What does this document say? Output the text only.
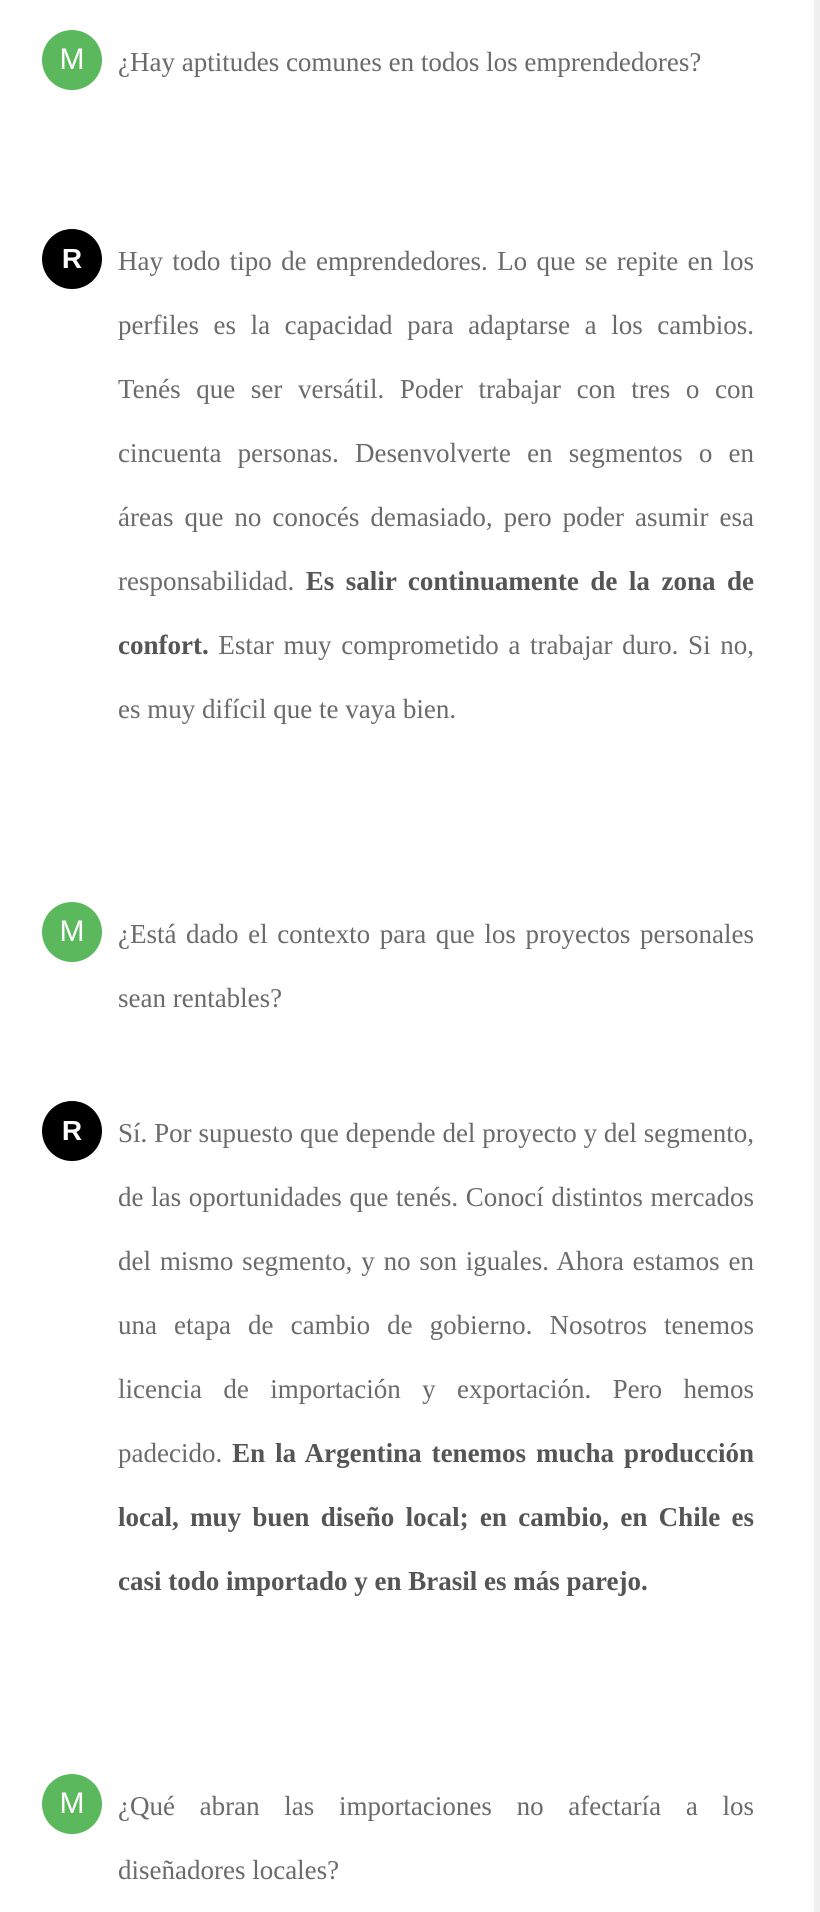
M ¿Hay aptitudes comunes en todos los emprendedores?

R Hay todo tipo de emprendedores. Lo que se repite en los perfiles es la capacidad para adaptarse a los cambios. Tenés que ser versátil. Poder trabajar con tres o con cincuenta personas. Desenvolverte en segmentos o en áreas que no conocés demasiado, pero poder asumir esa responsabilidad. Es salir continuamente de la zona de confort. Estar muy comprometido a trabajar duro. Si no, es muy difícil que te vaya bien.

M ¿Está dado el contexto para que los proyectos personales sean rentables?

R Sí. Por supuesto que depende del proyecto y del segmento, de las oportunidades que tenés. Conocí distintos mercados del mismo segmento, y no son iguales. Ahora estamos en una etapa de cambio de gobierno. Nosotros tenemos licencia de importación y exportación. Pero hemos padecido. En la Argentina tenemos mucha producción local, muy buen diseño local; en cambio, en Chile es casi todo importado y en Brasil es más parejo.

M ¿Qué abran las importaciones no afectaría a los diseñadores locales?
